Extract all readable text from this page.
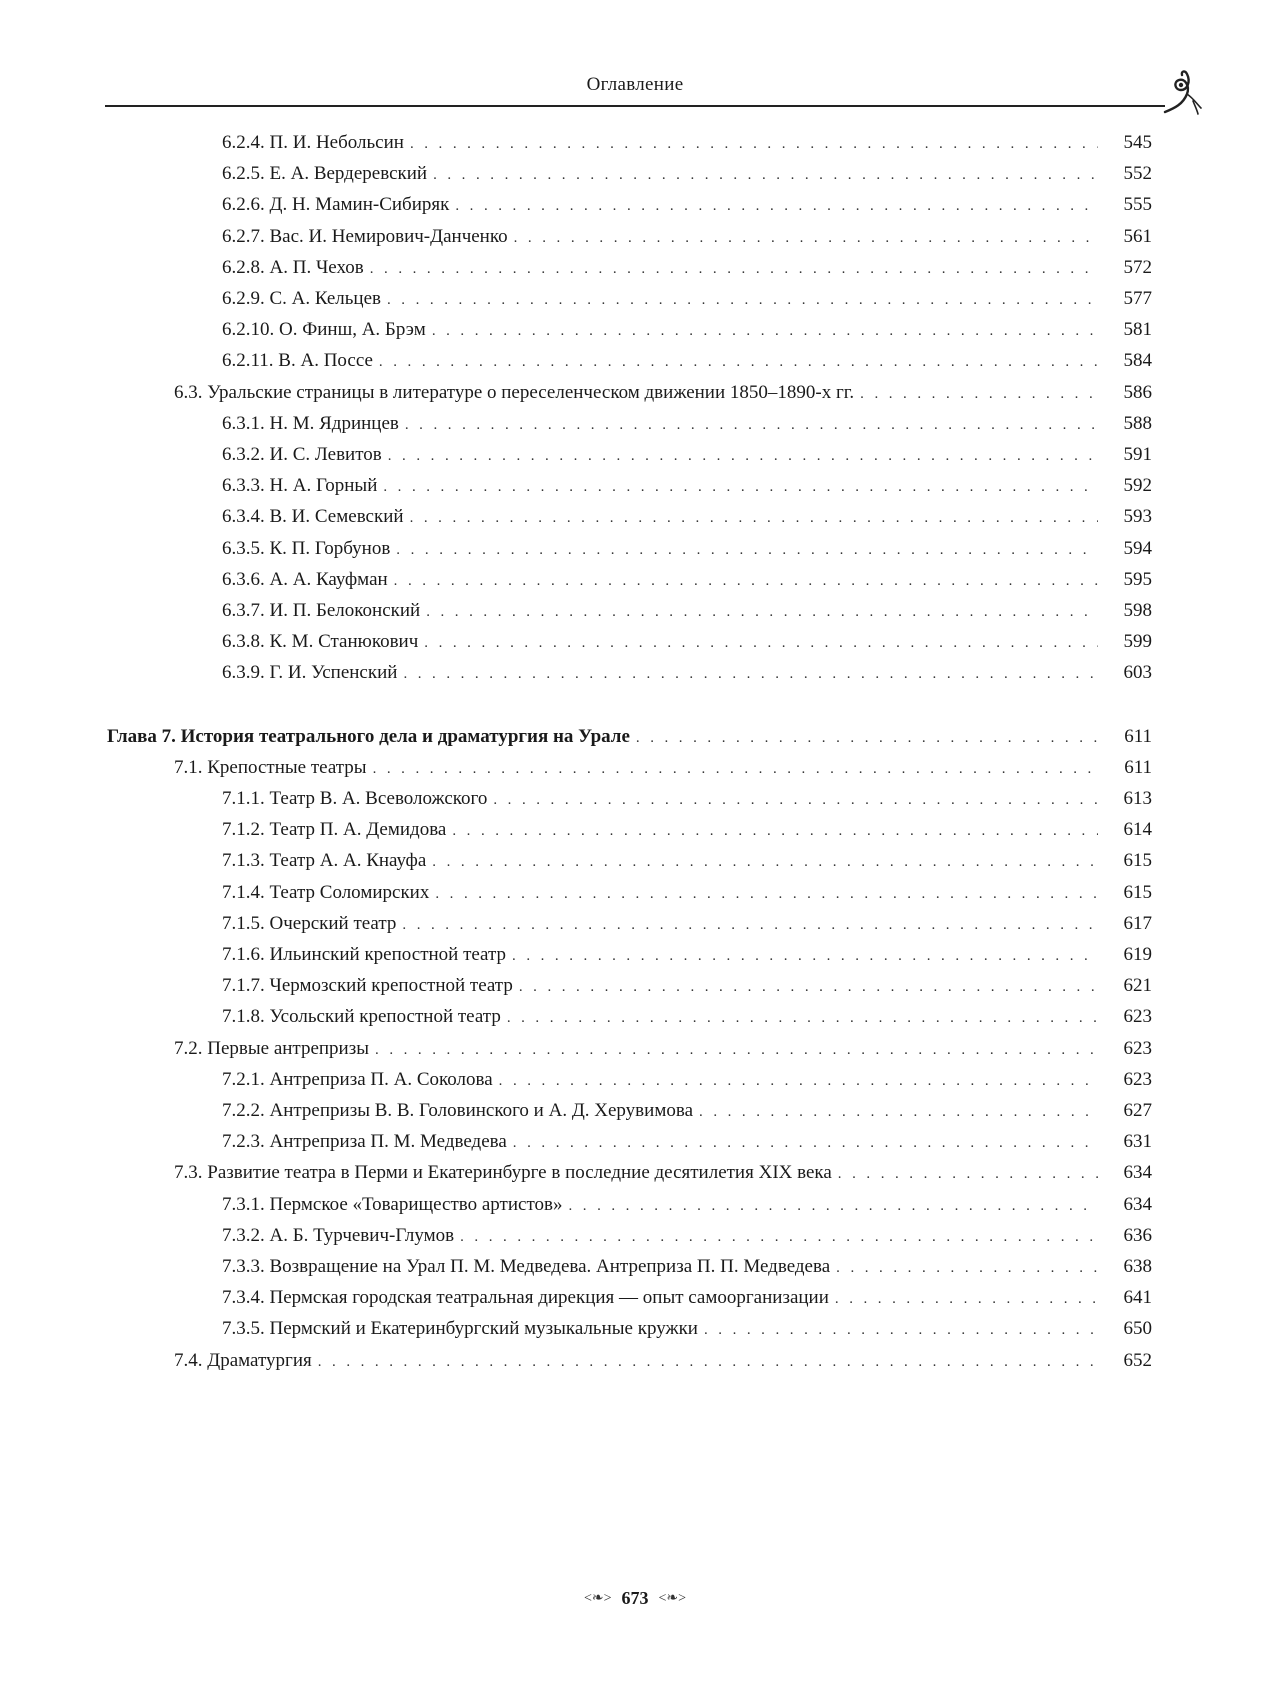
Оглавление
6.2.4. П. И. Небольсин . . .	545
6.2.5. Е. А. Вердеревский . . .	552
6.2.6. Д. Н. Мамин-Сибиряк . . .	555
6.2.7. Вас. И. Немирович-Данченко . . .	561
6.2.8. А. П. Чехов . . .	572
6.2.9. С. А. Кельцев . . .	577
6.2.10. О. Финш, А. Брэм . . .	581
6.2.11. В. А. Поссе . . .	584
6.3. Уральские страницы в литературе о переселенческом движении 1850–1890-х гг. . . .	586
6.3.1. Н. М. Ядринцев . . .	588
6.3.2. И. С. Левитов . . .	591
6.3.3. Н. А. Горный . . .	592
6.3.4. В. И. Семевский . . .	593
6.3.5. К. П. Горбунов . . .	594
6.3.6. А. А. Кауфман . . .	595
6.3.7. И. П. Белоконский . . .	598
6.3.8. К. М. Станюкович . . .	599
6.3.9. Г. И. Успенский . . .	603
Глава 7. История театрального дела и драматургия на Урале . . .	611
7.1. Крепостные театры . . .	611
7.1.1. Театр В. А. Всеволожского . . .	613
7.1.2. Театр П. А. Демидова . . .	614
7.1.3. Театр А. А. Кнауфа . . .	615
7.1.4. Театр Соломирских . . .	615
7.1.5. Очерский театр . . .	617
7.1.6. Ильинский крепостной театр . . .	619
7.1.7. Чермозский крепостной театр . . .	621
7.1.8. Усольский крепостной театр . . .	623
7.2. Первые антрепризы . . .	623
7.2.1. Антреприза П. А. Соколова . . .	623
7.2.2. Антрепризы В. В. Головинского и А. Д. Херувимова . . .	627
7.2.3. Антреприза П. М. Медведева . . .	631
7.3. Развитие театра в Перми и Екатеринбурге в последние десятилетия XIX века . . .	634
7.3.1. Пермское «Товарищество артистов» . . .	634
7.3.2. А. Б. Турчевич-Глумов . . .	636
7.3.3. Возвращение на Урал П. М. Медведева. Антреприза П. П. Медведева . . .	638
7.3.4. Пермская городская театральная дирекция — опыт самоорганизации . . .	641
7.3.5. Пермский и Екатеринбургский музыкальные кружки . . .	650
7.4. Драматургия . . .	652
<❧> 673 <❧>
